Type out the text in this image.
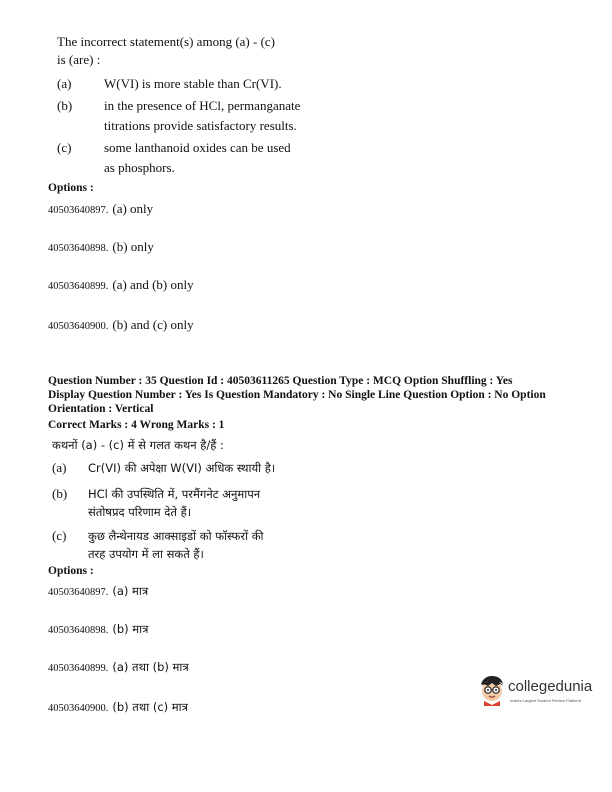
The incorrect statement(s) among (a) - (c)
is (are) :
(a)	W(VI) is more stable than Cr(VI).
(b) in the presence of HCl, permanganate
titrations provide satisfactory results.
(c)	some lanthanoid oxides can be used
as phosphors.
Options :
40503640897. (a) only
40503640898. (b) only
40503640899. (a) and (b) only
40503640900. (b) and (c) only
Question Number : 35 Question Id : 40503611265 Question Type : MCQ Option Shuffling : Yes
Display Question Number : Yes Is Question Mandatory : No Single Line Question Option : No Option
Orientation : Vertical
Correct Marks : 4 Wrong Marks : 1
कथनों (a) - (c) में से गलत कथन है/हैं :
(a) Cr(VI) की अपेक्षा W(VI) अधिक स्थायी है।
(b) HCl की उपस्थिति में, परमैंगनेट अनुमापन
संतोषप्रद परिणाम देते हैं।
(c) कुछ लैन्थेनायड आक्साइडों को फॉस्फरों की
तरह उपयोग में ला सकते हैं।
Options :
40503640897. (a) मात्र
40503640898. (b) मात्र
40503640899. (a) तथा (b) मात्र
40503640900. (b) तथा (c) मात्र
collegedunia
India's Largest Student Review Platform
